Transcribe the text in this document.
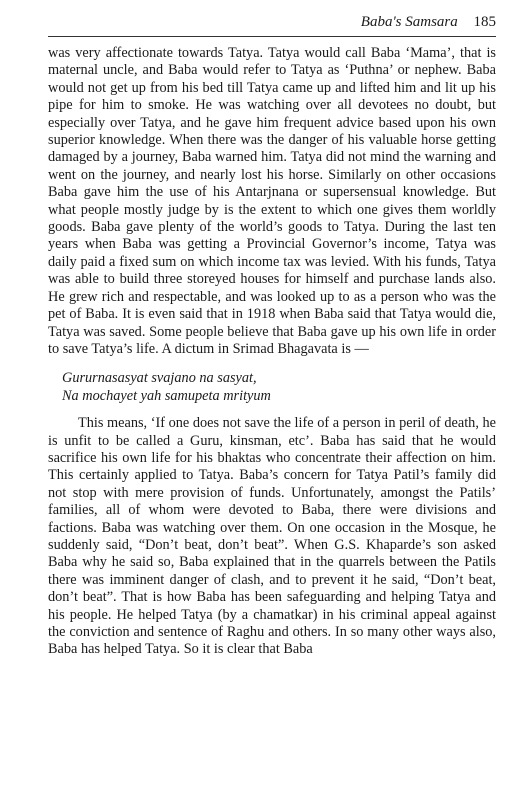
Baba's Samsara 185

was very affectionate towards Tatya. Tatya would call Baba ‘Mama’, that is maternal uncle, and Baba would refer to Tatya as ‘Puthna’ or nephew. Baba would not get up from his bed till Tatya came up and lifted him and lit up his pipe for him to smoke. He was watching over all devotees no doubt, but especially over Tatya, and he gave him frequent advice based upon his own superior knowledge. When there was the danger of his valuable horse getting damaged by a journey, Baba warned him. Tatya did not mind the warning and went on the journey, and nearly lost his horse. Similarly on other occasions Baba gave him the use of his Antarjnana or supersensual knowledge. But what people mostly judge by is the extent to which one gives them worldly goods. Baba gave plenty of the world’s goods to Tatya. During the last ten years when Baba was getting a Provincial Governor’s income, Tatya was daily paid a fixed sum on which income tax was levied. With his funds, Tatya was able to build three storeyed houses for himself and purchase lands also. He grew rich and respectable, and was looked up to as a person who was the pet of Baba. It is even said that in 1918 when Baba said that Tatya would die, Tatya was saved. Some people believe that Baba gave up his own life in order to save Tatya’s life. A dictum in Srimad Bhagavata is —

Gururnasasyat svajano na sasyat,
Na mochayet yah samupeta mrityum

This means, ‘If one does not save the life of a person in peril of death, he is unfit to be called a Guru, kinsman, etc’. Baba has said that he would sacrifice his own life for his bhaktas who concentrate their affection on him. This certainly applied to Tatya. Baba’s concern for Tatya Patil’s family did not stop with mere provision of funds. Unfortunately, amongst the Patils’ families, all of whom were devoted to Baba, there were divisions and factions. Baba was watching over them. On one occasion in the Mosque, he suddenly said, “Don’t beat, don’t beat”. When G.S. Khaparde’s son asked Baba why he said so, Baba explained that in the quarrels between the Patils there was imminent danger of clash, and to prevent it he said, “Don’t beat, don’t beat”. That is how Baba has been safeguarding and helping Tatya and his people. He helped Tatya (by a chamatkar) in his criminal appeal against the conviction and sentence of Raghu and others. In so many other ways also, Baba has helped Tatya. So it is clear that Baba
